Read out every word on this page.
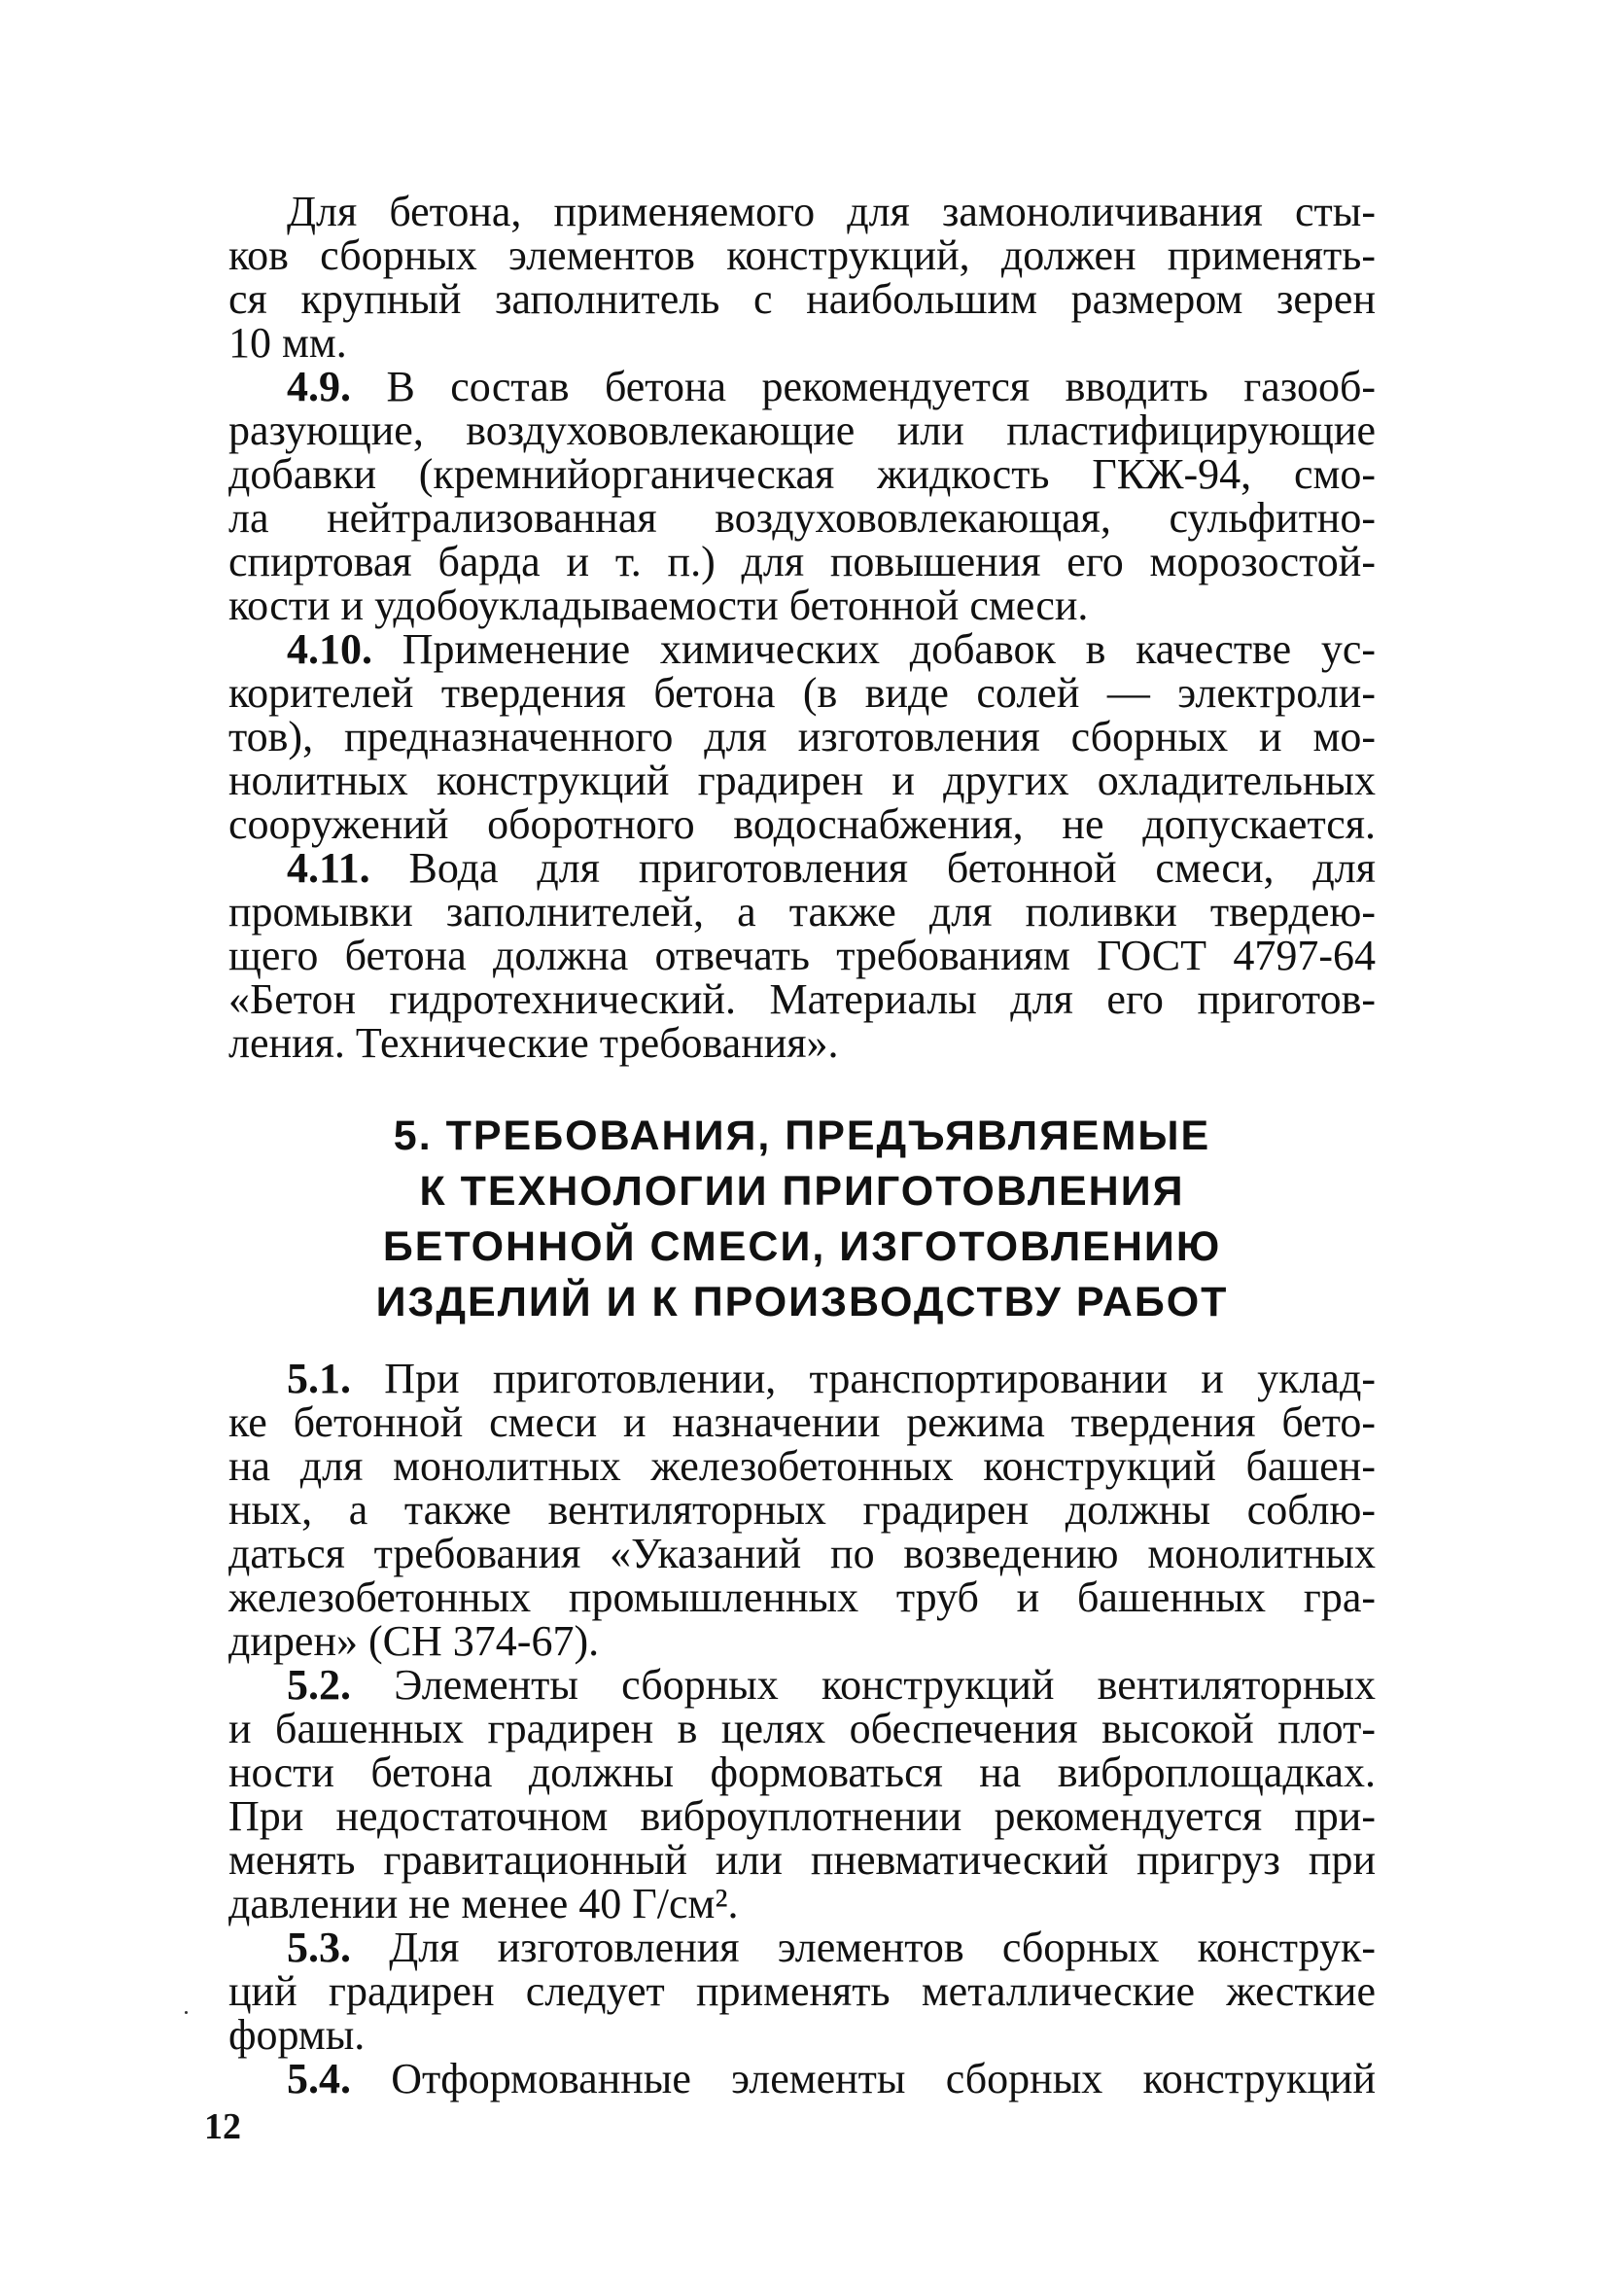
Для бетона, применяемого для замоноличивания сты-
ков сборных элементов конструкций, должен применять-
ся крупный заполнитель с наибольшим размером зерен
10 мм.
4.9. В состав бетона рекомендуется вводить газооб-
разующие, воздухововлекающие или пластифицирующие
добавки (кремнийорганическая жидкость ГКЖ-94, смо-
ла нейтрализованная воздухововлекающая, сульфитно-
спиртовая барда и т. п.) для повышения его морозостой-
кости и удобоукладываемости бетонной смеси.
4.10. Применение химических добавок в качестве ус-
корителей твердения бетона (в виде солей — электроли-
тов), предназначенного для изготовления сборных и мо-
нолитных конструкций градирен и других охладительных
сооружений оборотного водоснабжения, не допускается.
4.11. Вода для приготовления бетонной смеси, для
промывки заполнителей, а также для поливки твердею-
щего бетона должна отвечать требованиям ГОСТ 4797-64
«Бетон гидротехнический. Материалы для его приготов-
ления. Технические требования».
5. ТРЕБОВАНИЯ, ПРЕДЪЯВЛЯЕМЫЕ
К ТЕХНОЛОГИИ ПРИГОТОВЛЕНИЯ
БЕТОННОЙ СМЕСИ, ИЗГОТОВЛЕНИЮ
ИЗДЕЛИЙ И К ПРОИЗВОДСТВУ РАБОТ
5.1. При приготовлении, транспортировании и уклад-
ке бетонной смеси и назначении режима твердения бето-
на для монолитных железобетонных конструкций башен-
ных, а также вентиляторных градирен должны соблю-
даться требования «Указаний по возведению монолитных
железобетонных промышленных труб и башенных гра-
дирен» (СН 374-67).
5.2. Элементы сборных конструкций вентиляторных
и башенных градирен в целях обеспечения высокой плот-
ности бетона должны формоваться на виброплощадках.
При недостаточном виброуплотнении рекомендуется при-
менять гравитационный или пневматический пригруз при
давлении не менее 40 Г/см².
5.3. Для изготовления элементов сборных конструк-
ций градирен следует применять металлические жесткие
формы.
5.4. Отформованные элементы сборных конструкций
12
